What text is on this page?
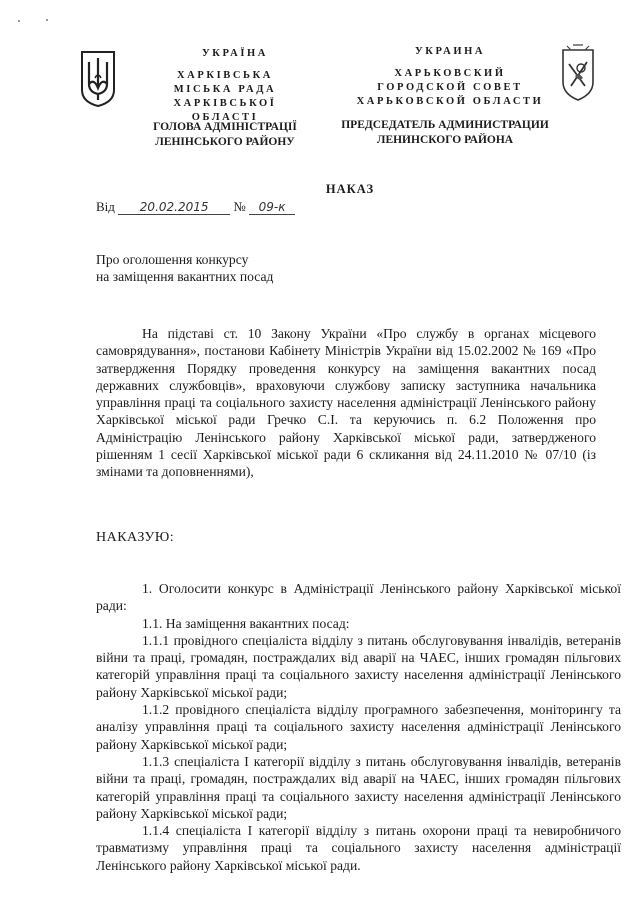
УКРАЇНА
ХАРКІВСЬКА
МІСЬКА РАДА
ХАРКІВСЬКОЇ ОБЛАСТІ
ГОЛОВА АДМІНІСТРАЦІЇ
ЛЕНІНСЬКОГО РАЙОНУ
УКРАИНА
ХАРЬКОВСКИЙ
ГОРОДСКОЙ СОВЕТ
ХАРЬКОВСКОЙ ОБЛАСТИ
ПРЕДСЕДАТЕЛЬ АДМИНИСТРАЦИИ
ЛЕНИНСКОГО РАЙОНА
НАКАЗ
Від 20.02.2015 № 09-к
Про оголошення конкурсу
на заміщення вакантних посад

На підставі ст. 10 Закону України «Про службу в органах місцевого самоврядування», постанови Кабінету Міністрів України від 15.02.2002 № 169 «Про затвердження Порядку проведення конкурсу на заміщення вакантних посад державних службовців», враховуючи службову записку заступника начальника управління праці та соціального захисту населення адміністрації Ленінського району Харківської міської ради Гречко С.І. та керуючись п. 6.2 Положення про Адміністрацію Ленінського району Харківської міської ради, затвердженого рішенням 1 сесії Харківської міської ради 6 скликання від 24.11.2010 № 07/10 (із змінами та доповненнями),

НАКАЗУЮ:

1. Оголосити конкурс в Адміністрації Ленінського району Харківської міської ради:

1.1. На заміщення вакантних посад:

1.1.1 провідного спеціаліста відділу з питань обслуговування інвалідів, ветеранів війни та праці, громадян, постраждалих від аварії на ЧАЕС, інших громадян пільгових категорій управління праці та соціального захисту населення адміністрації Ленінського району Харківської міської ради;

1.1.2 провідного спеціаліста відділу програмного забезпечення, моніторингу та аналізу управління праці та соціального захисту населення адміністрації Ленінського району Харківської міської ради;

1.1.3 спеціаліста І категорії відділу з питань обслуговування інвалідів, ветеранів війни та праці, громадян, постраждалих від аварії на ЧАЕС, інших громадян пільгових категорій управління праці та соціального захисту населення адміністрації Ленінського району Харківської міської ради;

1.1.4 спеціаліста І категорії відділу з питань охорони праці та невиробничого травматизму управління праці та соціального захисту населення адміністрації Ленінського району Харківської міської ради.
